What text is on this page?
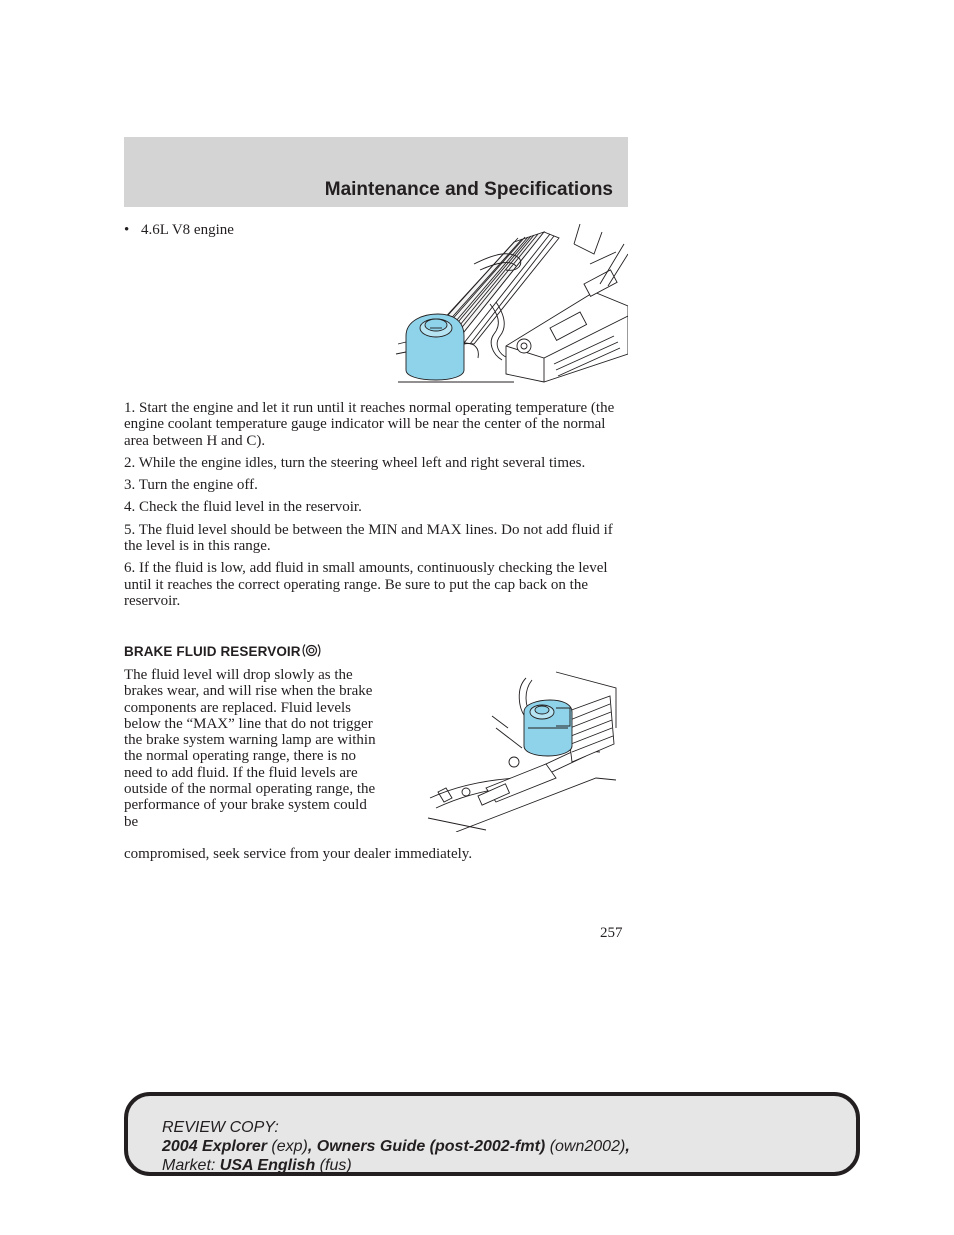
Maintenance and Specifications
• 4.6L V8 engine

1. Start the engine and let it run until it reaches normal operating temperature (the engine coolant temperature gauge indicator will be near the center of the normal area between H and C).

2. While the engine idles, turn the steering wheel left and right several times.

3. Turn the engine off.

4. Check the fluid level in the reservoir.

5. The fluid level should be between the MIN and MAX lines. Do not add fluid if the level is in this range.

6. If the fluid is low, add fluid in small amounts, continuously checking the level until it reaches the correct operating range. Be sure to put the cap back on the reservoir.

BRAKE FLUID RESERVOIR

The fluid level will drop slowly as the brakes wear, and will rise when the brake components are replaced. Fluid levels below the “MAX” line that do not trigger the brake system warning lamp are within the normal operating range, there is no need to add fluid. If the fluid levels are outside of the normal operating range, the performance of your brake system could be

compromised, seek service from your dealer immediately.

257
REVIEW COPY:
2004 Explorer (exp), Owners Guide (post-2002-fmt) (own2002),
Market: USA English (fus)
